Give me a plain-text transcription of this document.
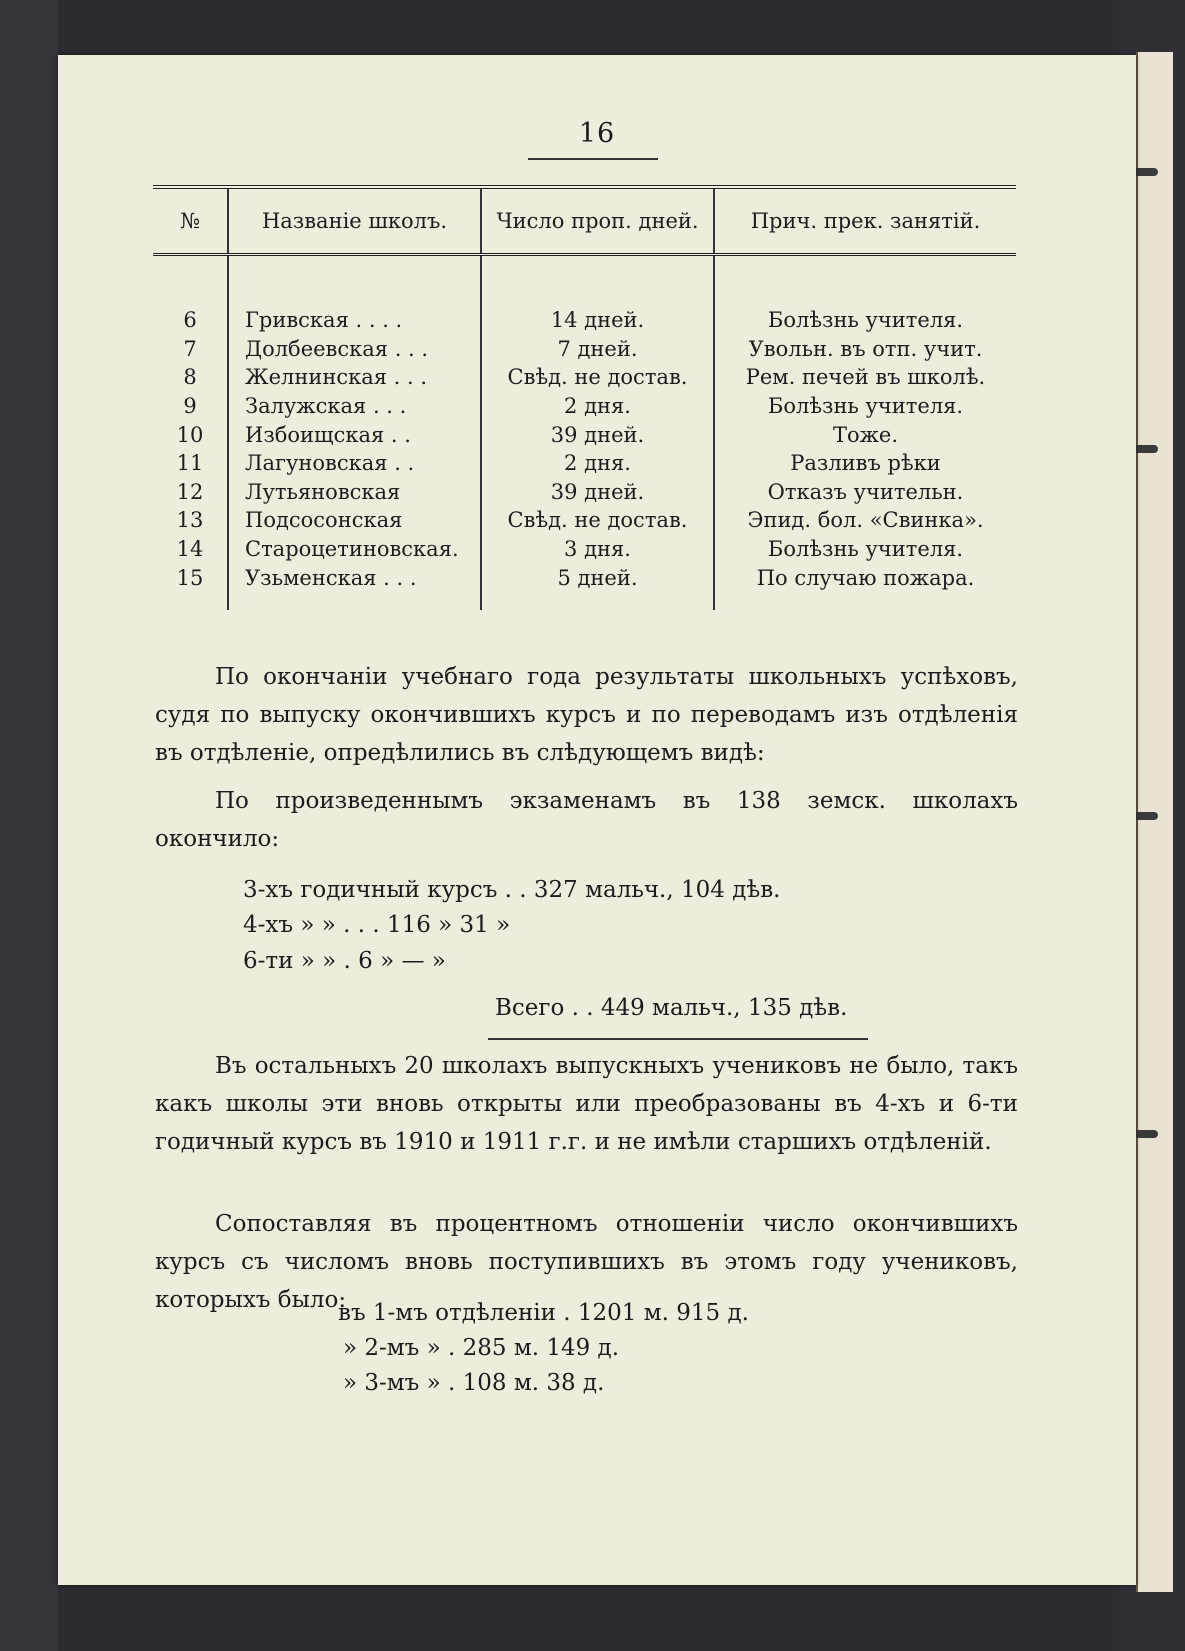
16
№	Названіе школъ.	Число проп. дней.	Прич. прек. занятій.

6	Гривская . . . .	14 дней.	Болѣзнь учителя.
7	Долбеевская . . .	7 дней.	Увольн. въ отп. учит.
8	Желнинская . . .	Свѣд. не достав.	Рем. печей въ школѣ.
9	Залужская . . .	2 дня.	Болѣзнь учителя.
10	Избоищская . .	39 дней.	Тоже.
11	Лагуновская . .	2 дня.	Разливъ рѣки
12	Лутьяновская	39 дней.	Отказъ учительн.
13	Подсосонская	Свѣд. не достав.	Эпид. бол. «Свинка».
14	Староцетиновская.	3 дня.	Болѣзнь учителя.
15	Узьменская . . .	5 дней.	По случаю пожара.

По окончаніи учебнаго года результаты школьныхъ успѣховъ, судя по выпуску окончившихъ курсъ и по переводамъ изъ отдѣленія въ отдѣленіе, опредѣлились въ слѣдующемъ видѣ:
По произведеннымъ экзаменамъ въ 138 земск. школахъ окончило:
3-хъ годичный курсъ . . 327 мальч., 104 дѣв.
4-хъ » » . . . 116 » 31 »
6-ти » » . 6 » — »
Всего . . 449 мальч., 135 дѣв.
Въ остальныхъ 20 школахъ выпускныхъ учениковъ не было, такъ какъ школы эти вновь открыты или преобразованы въ 4-хъ и 6-ти годичный курсъ въ 1910 и 1911 г.г. и не имѣли старшихъ отдѣленій.
Сопоставляя въ процентномъ отношеніи число окончившихъ курсъ съ числомъ вновь поступившихъ въ этомъ году учениковъ, которыхъ было:
въ 1-мъ отдѣленіи . 1201 м. 915 д.
» 2-мъ » . 285 м. 149 д.
» 3-мъ » . 108 м. 38 д.
